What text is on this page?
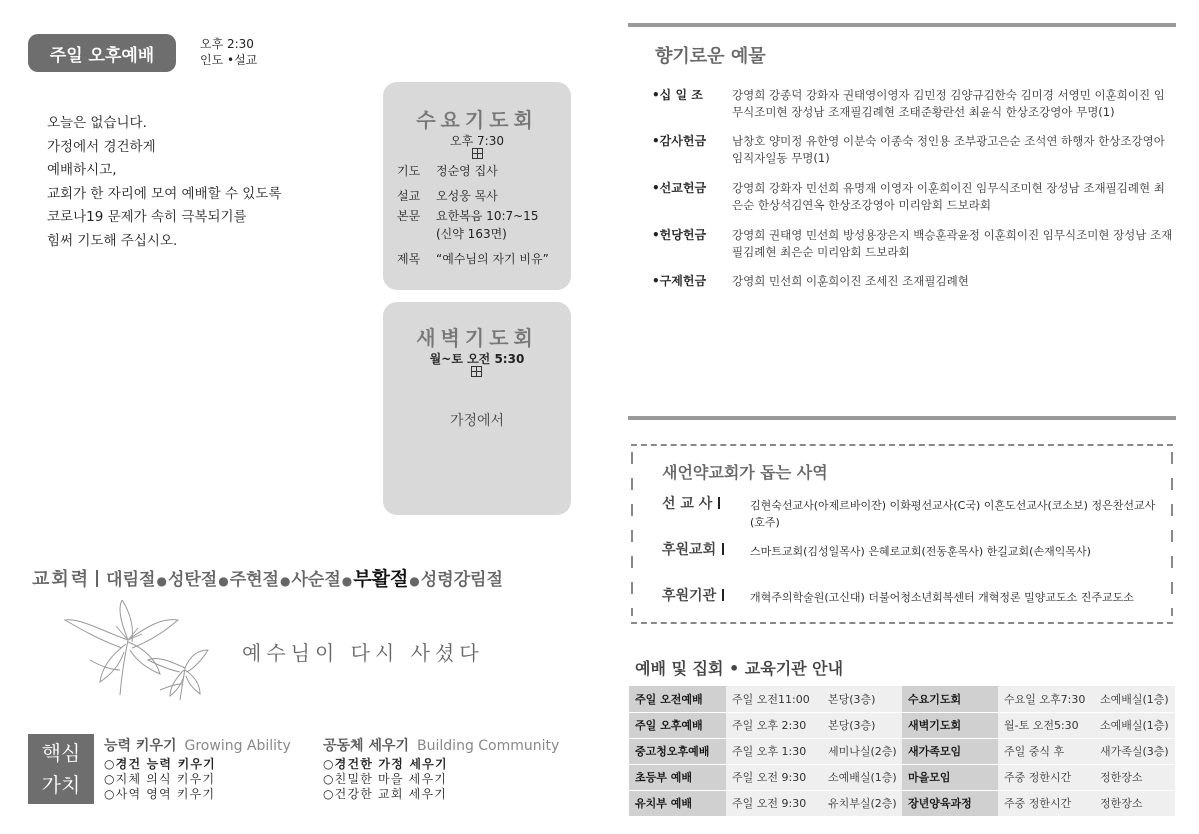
주일 오후예배
오후 2:30
인도 •설교
오늘은 없습니다.
가정에서 경건하게
예배하시고,
교회가 한 자리에 모여 예배할 수 있도록
코로나19 문제가 속히 극복되기를
힘써 기도해 주십시오.
수요기도회
오후 7:30
기도 정순영 집사
설교 오성웅 목사
본문 요한복음 10:7~15
(신약 163면)
제목 “예수님의 자기 비유”
새벽기도회
월~토 오전 5:30
가정에서
교회력 대림절●성탄절●주현절●사순절●부활절●성령강림절
예수님이 다시 사셨다
핵심
가치
능력 키우기 Growing Ability
○경건 능력 키우기
○지체 의식 키우기
○사역 영역 키우기
공동체 세우기 Building Community
○경건한 가정 세우기
○친밀한 마을 세우기
○건강한 교회 세우기
향기로운 예물
•십 일 조	강영희 강종덕 강화자 권태영이영자 김민정 김양규김한숙 김미경 서영민 이훈희이진 임무식조미현 장성남 조재필김례현 조태준황란선 최윤식 한상조강영아 무명(1)
•감사헌금 남창호 양미정 유한영 이분숙 이종숙 정인용 조부광고은순 조석연 하행자 한상조강영아 임직자일동 무명(1)
•선교헌금 강영희 강화자 민선희 유명재 이영자 이훈희이진 임무식조미현 장성남 조재필김례현 최은순 한상석김연옥 한상조강영아 미리암회 드보라회
•헌당헌금 강영희 권태영 민선희 방성용장은지 백승훈곽윤정 이훈희이진 임무식조미현 장성남 조재필김례현 최은순 미리암회 드보라회
•구제헌금 강영희 민선희 이훈희이진 조세진 조재필김례현
새언약교회가 돕는 사역
선 교 사	김현숙선교사(아제르바이잔) 이화평선교사(C국) 이흔도선교사(코소보) 정은찬선교사(호주)
후원교회	스마트교회(김성일목사) 은혜로교회(전동훈목사) 한길교회(손재익목사)
후원기관	개혁주의학술원(고신대) 더불어청소년회복센터 개혁정론 밀양교도소 진주교도소
예배 및 집회 • 교육기관 안내
주일 오전예배	주일 오전11:00	본당(3층)	수요기도회	수요일 오후7:30	소예배실(1층)
주일 오후예배	주일 오후 2:30	본당(3층)	새벽기도회	월-토 오전5:30	소예배실(1층)
중고청오후예배	주일 오후 1:30	세미나실(2층)	새가족모임	주일 중식 후	새가족실(3층)
초등부 예배	주일 오전 9:30	소예배실(1층)	마을모임	주중 정한시간	정한장소
유치부 예배	주일 오전 9:30	유치부실(2층)	장년양육과정	주중 정한시간	정한장소
